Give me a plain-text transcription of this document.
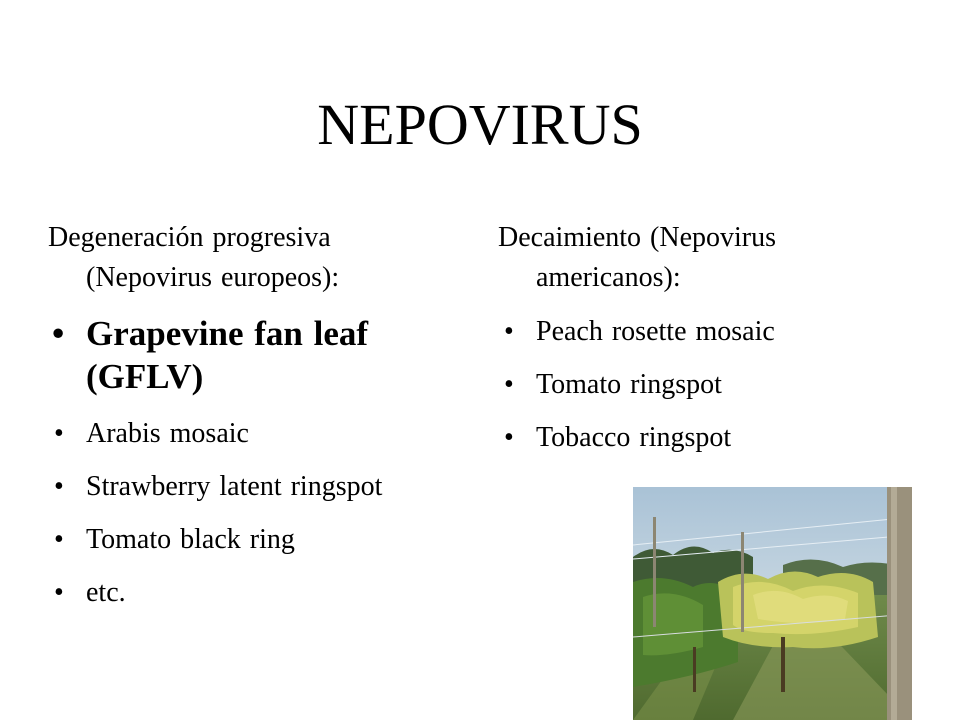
NEPOVIRUS

Degeneración progresiva (Nepovirus europeos):

• Grapevine fan leaf (GFLV)
• Arabis mosaic
• Strawberry latent ringspot
• Tomato black ring
• etc.

Decaimiento (Nepovirus americanos):

• Peach rosette mosaic
• Tomato ringspot
• Tobacco ringspot
